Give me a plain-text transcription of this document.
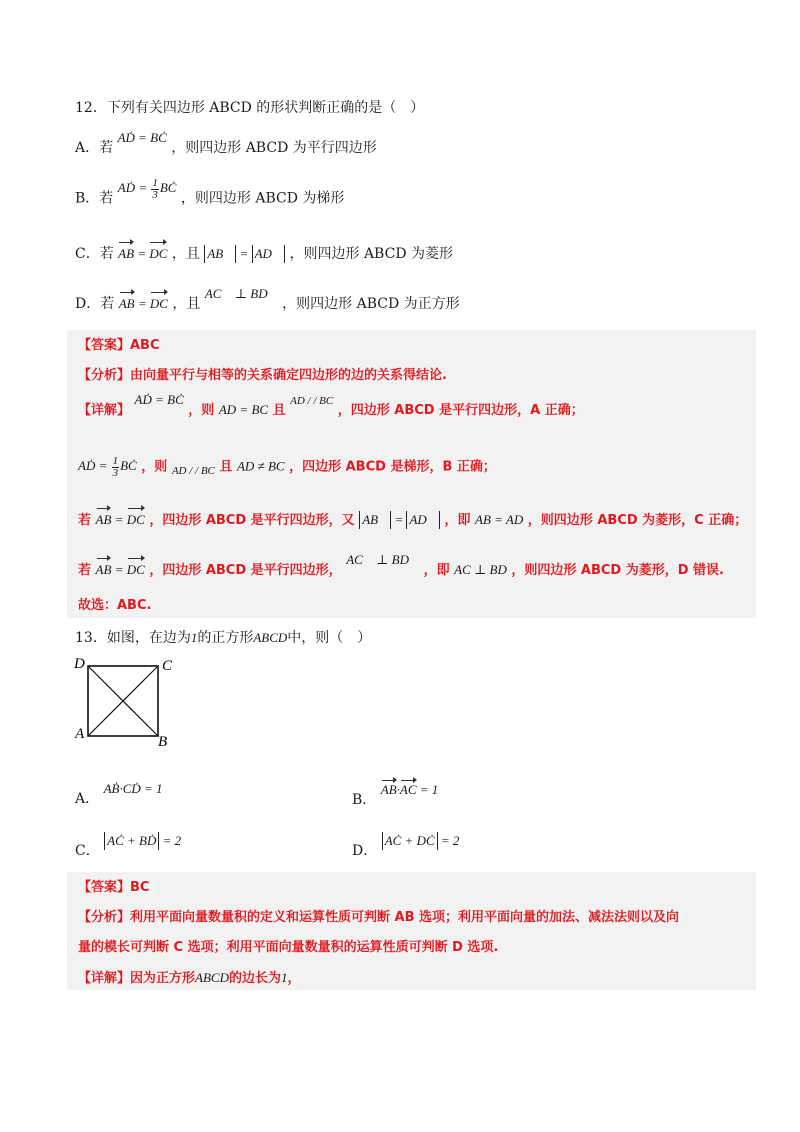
12．下列有关四边形 ABCD 的形状判断正确的是（　）
A．若 AḊ = BĊ ，则四边形 ABCD 为平行四边形
B．若 AḊ = $\frac{1}{3}$ BĊ ，则四边形 ABCD 为梯形
C．若 AB = DC ，且 AB⃗ = AD⃗ ，则四边形 ABCD 为菱形
D．若 AB = DC ，且 AC⃗ ⊥ BD⃗ ，则四边形 ABCD 为正方形
【答案】ABC
【分析】由向量平行与相等的关系确定四边形的边的关系得结论.
【详解】 AḊ = BĊ ，则 AD = BC 且 $^{AD / / BC}$ ，四边形 ABCD 是平行四边形，A 正确；
AḊ = $\frac{1}{3}$ BĊ ，则 $_{AD / / BC}$ 且 AD ≠ BC ，四边形 ABCD 是梯形，B 正确；
若 AB = DC ，四边形 ABCD 是平行四边形，又 AB⃗ = AD⃗ ，即 AB = AD ，则四边形 ABCD 为菱形，C 正确；
若 AB = DC ，四边形 ABCD 是平行四边形， AC⃗ ⊥ BD⃗ ，即 AC ⊥ BD ，则四边形 ABCD 为菱形，D 错误.
故选：ABC.
13．如图，在边为1的正方形ABCD中，则（　）
D	C
A	B
A． AḂ·CḊ = 1
B． AB·AC = 1
C． AĊ + BḊ = 2
D． AĊ + DĊ = 2
【答案】BC
【分析】利用平面向量数量积的定义和运算性质可判断 AB 选项；利用平面向量的加法、减法法则以及向
量的模长可判断 C 选项；利用平面向量数量积的运算性质可判断 D 选项.
【详解】因为正方形ABCD的边长为1，
